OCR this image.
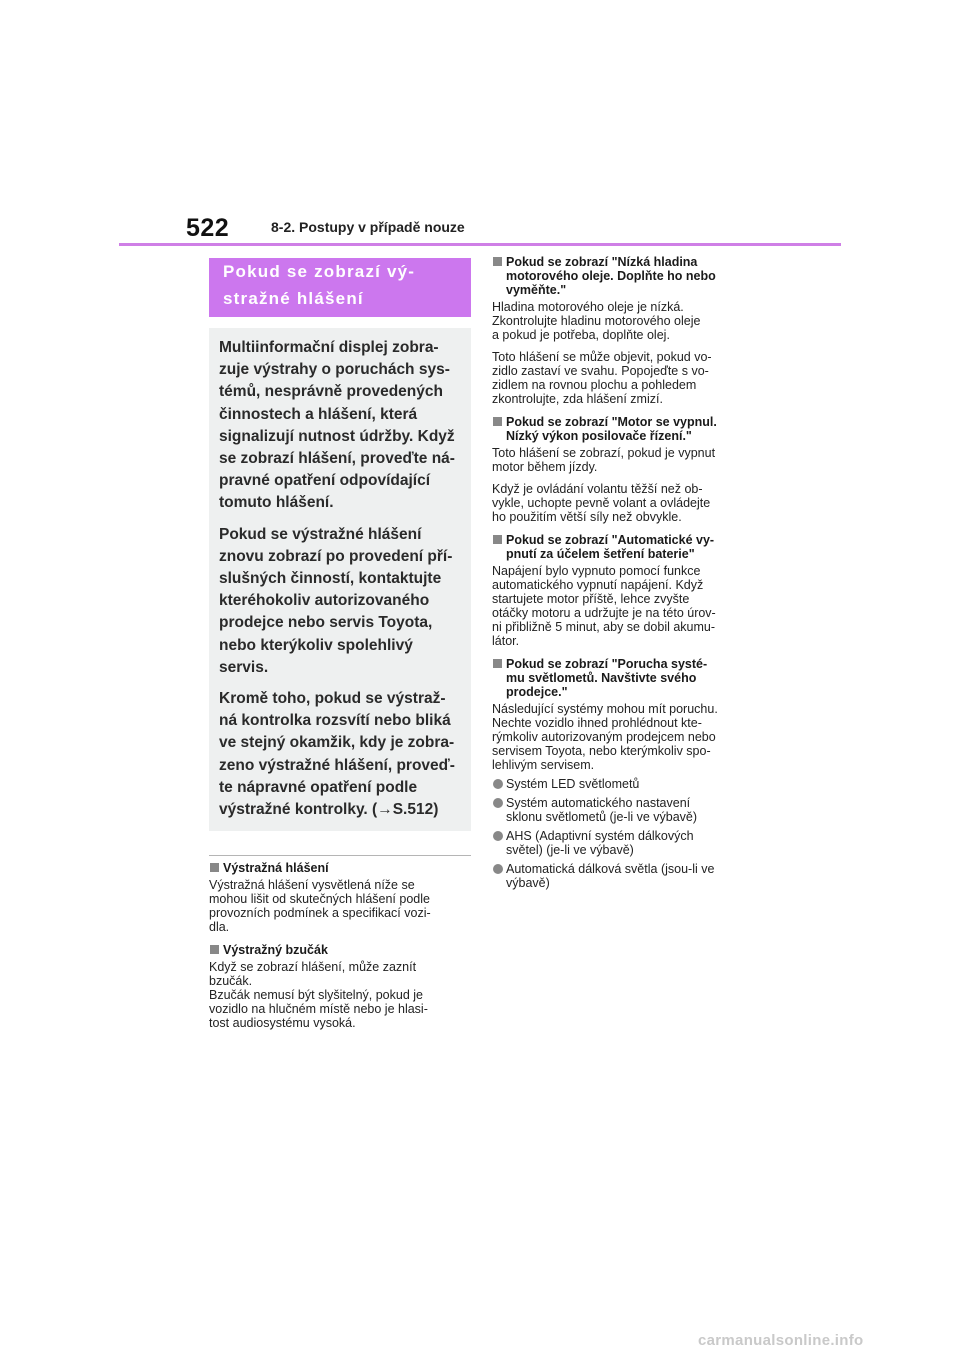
522	8-2. Postupy v případě nouze
Pokud se zobrazí vý-
stražné hlášení

Multiinformační displej zobra-
zuje výstrahy o poruchách sys-
témů, nesprávně provedených
činnostech a hlášení, která
signalizují nutnost údržby. Když
se zobrazí hlášení, proveďte ná-
pravné opatření odpovídající
tomuto hlášení.

Pokud se výstražné hlášení
znovu zobrazí po provedení pří-
slušných činností, kontaktujte
kteréhokoliv autorizovaného
prodejce nebo servis Toyota,
nebo kterýkoliv spolehlivý
servis.

Kromě toho, pokud se výstraž-
ná kontrolka rozsvítí nebo bliká
ve stejný okamžik, kdy je zobra-
zeno výstražné hlášení, proveď-
te nápravné opatření podle
výstražné kontrolky. (→S.512)

Výstražná hlášení
Výstražná hlášení vysvětlená níže se
mohou lišit od skutečných hlášení podle
provozních podmínek a specifikací vozi-
dla.
Výstražný bzučák
Když se zobrazí hlášení, může zaznít
bzučák.
Bzučák nemusí být slyšitelný, pokud je
vozidlo na hlučném místě nebo je hlasi-
tost audiosystému vysoká.
Pokud se zobrazí "Nízká hladina
motorového oleje. Doplňte ho nebo
vyměňte."
Hladina motorového oleje je nízká.
Zkontrolujte hladinu motorového oleje
a pokud je potřeba, doplňte olej.
Toto hlášení se může objevit, pokud vo-
zidlo zastaví ve svahu. Popojeďte s vo-
zidlem na rovnou plochu a pohledem
zkontrolujte, zda hlášení zmizí.
Pokud se zobrazí "Motor se vypnul.
Nízký výkon posilovače řízení."
Toto hlášení se zobrazí, pokud je vypnut
motor během jízdy.
Když je ovládání volantu těžší než ob-
vykle, uchopte pevně volant a ovládejte
ho použitím větší síly než obvykle.
Pokud se zobrazí "Automatické vy-
pnutí za účelem šetření baterie"
Napájení bylo vypnuto pomocí funkce
automatického vypnutí napájení. Když
startujete motor příště, lehce zvyšte
otáčky motoru a udržujte je na této úrov-
ni přibližně 5 minut, aby se dobil akumu-
látor.
Pokud se zobrazí "Porucha systé-
mu světlometů. Navštivte svého
prodejce."
Následující systémy mohou mít poruchu.
Nechte vozidlo ihned prohlédnout kte-
rýmkoliv autorizovaným prodejcem nebo
servisem Toyota, nebo kterýmkoliv spo-
lehlivým servisem.
Systém LED světlometů
Systém automatického nastavení
sklonu světlometů (je-li ve výbavě)
AHS (Adaptivní systém dálkových
světel) (je-li ve výbavě)
Automatická dálková světla (jsou-li ve
výbavě)
carmanualsonline.info
